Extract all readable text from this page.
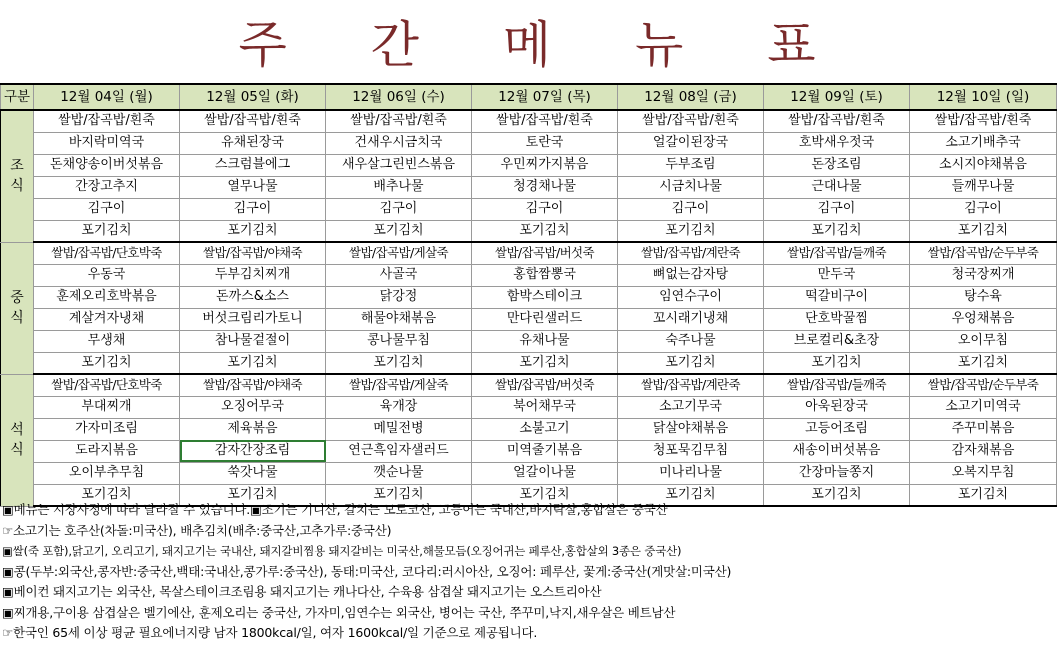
주 간 메 뉴 표
구분	12월 04일 (월)	12월 05일 (화)	12월 06일 (수)	12월 07일 (목)	12월 08일 (금)	12월 09일 (토)	12월 10일 (일)
조식	쌀밥/잡곡밥/흰죽	쌀밥/잡곡밥/흰죽	쌀밥/잡곡밥/흰죽	쌀밥/잡곡밥/흰죽	쌀밥/잡곡밥/흰죽	쌀밥/잡곡밥/흰죽	쌀밥/잡곡밥/흰죽
	바지락미역국	유채된장국	건새우시금치국	토란국	얼갈이된장국	호박새우젓국	소고기배추국
	돈채양송이버섯볶음	스크럼블에그	새우살그린빈스볶음	우민찌가지볶음	두부조림	돈장조림	소시지야채볶음
	간장고추지	열무나물	배추나물	청경채나물	시금치나물	근대나물	들깨무나물
	김구이	김구이	김구이	김구이	김구이	김구이	김구이
	포기김치	포기김치	포기김치	포기김치	포기김치	포기김치	포기김치
중식	쌀밥/잡곡밥/단호박죽	쌀밥/잡곡밥/야채죽	쌀밥/잡곡밥/게살죽	쌀밥/잡곡밥/버섯죽	쌀밥/잡곡밥/계란죽	쌀밥/잡곡밥/들깨죽	쌀밥/잡곡밥/순두부죽
	우동국	두부김치찌개	사골국	홍합짬뽕국	뼈없는감자탕	만두국	청국장찌개
	훈제오리호박볶음	돈까스&소스	닭강정	함박스테이크	임연수구이	떡갈비구이	탕수육
	계살겨자냉채	버섯크림리가토니	해물야채볶음	만다린샐러드	꼬시래기냉채	단호박꿀찜	우엉채볶음
	무생채	참나물겉절이	콩나물무침	유채나물	숙주나물	브로컬리&초장	오이무침
	포기김치	포기김치	포기김치	포기김치	포기김치	포기김치	포기김치
석식	쌀밥/잡곡밥/단호박죽	쌀밥/잡곡밥/야채죽	쌀밥/잡곡밥/게살죽	쌀밥/잡곡밥/버섯죽	쌀밥/잡곡밥/계란죽	쌀밥/잡곡밥/들깨죽	쌀밥/잡곡밥/순두부죽
	부대찌개	오징어무국	육개장	북어채무국	소고기무국	아욱된장국	소고기미역국
	가자미조림	제육볶음	메밀전병	소불고기	닭살야채볶음	고등어조림	주꾸미볶음
	도라지볶음	감자간장조림	연근흑임자샐러드	미역줄기볶음	청포묵김무침	새송이버섯볶음	감자채볶음
	오이부추무침	쑥갓나물	깻순나물	얼갈이나물	미나리나물	간장마늘쫑지	오복지무침
	포기김치	포기김치	포기김치	포기김치	포기김치	포기김치	포기김치
▣메뉴는 시장사정에 따라 달라질 수 있습니다.▣조기는 기니산, 갈치는 모로코산, 고등어는 국내산,바지락살,홍합살은 중국산
☞소고기는 호주산(차돌:미국산), 배추김치(배추:중국산,고추가루:중국산)
▣쌀(죽 포함),닭고기, 오리고기, 돼지고기는 국내산, 돼지갈비찜용 돼지갈비는 미국산,해물모듬(오징어귀는 페루산,홍합살외 3종은 중국산)
▣콩(두부:외국산,콩자반:중국산,백태:국내산,콩가루:중국산), 동태:미국산, 코다리:러시아산, 오징어: 페루산, 꽃게:중국산(게맛살:미국산)
▣베이컨 돼지고기는 외국산, 목살스테이크조림용 돼지고기는 캐나다산, 수육용 삼겹살 돼지고기는 오스트리아산
▣찌개용,구이용 삼겹살은 벨기에산, 훈제오리는 중국산, 가자미,임연수는 외국산, 병어는 국산, 쭈꾸미,낙지,새우살은 베트남산
☞한국인 65세 이상 평균 필요에너지량 남자 1800kcal/일, 여자 1600kcal/일 기준으로 제공됩니다.
